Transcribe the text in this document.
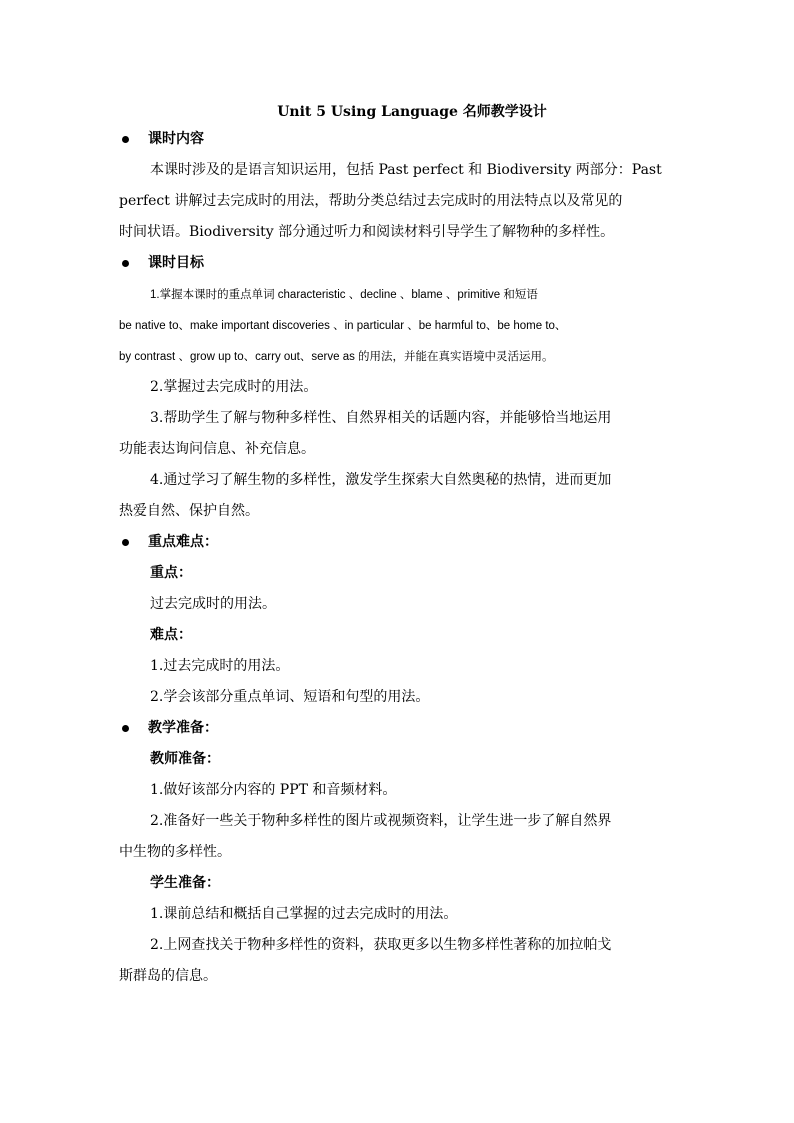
Unit 5 Using Language 名师教学设计
课时内容
本课时涉及的是语言知识运用，包括 Past perfect 和 Biodiversity 两部分：Past
perfect 讲解过去完成时的用法，帮助分类总结过去完成时的用法特点以及常见的
时间状语。Biodiversity 部分通过听力和阅读材料引导学生了解物种的多样性。
课时目标
1.掌握本课时的重点单词 characteristic 、decline 、blame 、primitive 和短语
be native to、make important discoveries 、in particular 、be harmful to、be home to、
by contrast 、grow up to、carry out、serve as 的用法，并能在真实语境中灵活运用。
2.掌握过去完成时的用法。
3.帮助学生了解与物种多样性、自然界相关的话题内容，并能够恰当地运用
功能表达询问信息、补充信息。
4.通过学习了解生物的多样性，激发学生探索大自然奥秘的热情，进而更加
热爱自然、保护自然。
重点难点：
重点：
过去完成时的用法。
难点：
1.过去完成时的用法。
2.学会该部分重点单词、短语和句型的用法。
教学准备：
教师准备：
1.做好该部分内容的 PPT 和音频材料。
2.准备好一些关于物种多样性的图片或视频资料，让学生进一步了解自然界
中生物的多样性。
学生准备：
1.课前总结和概括自己掌握的过去完成时的用法。
2.上网查找关于物种多样性的资料，获取更多以生物多样性著称的加拉帕戈
斯群岛的信息。
